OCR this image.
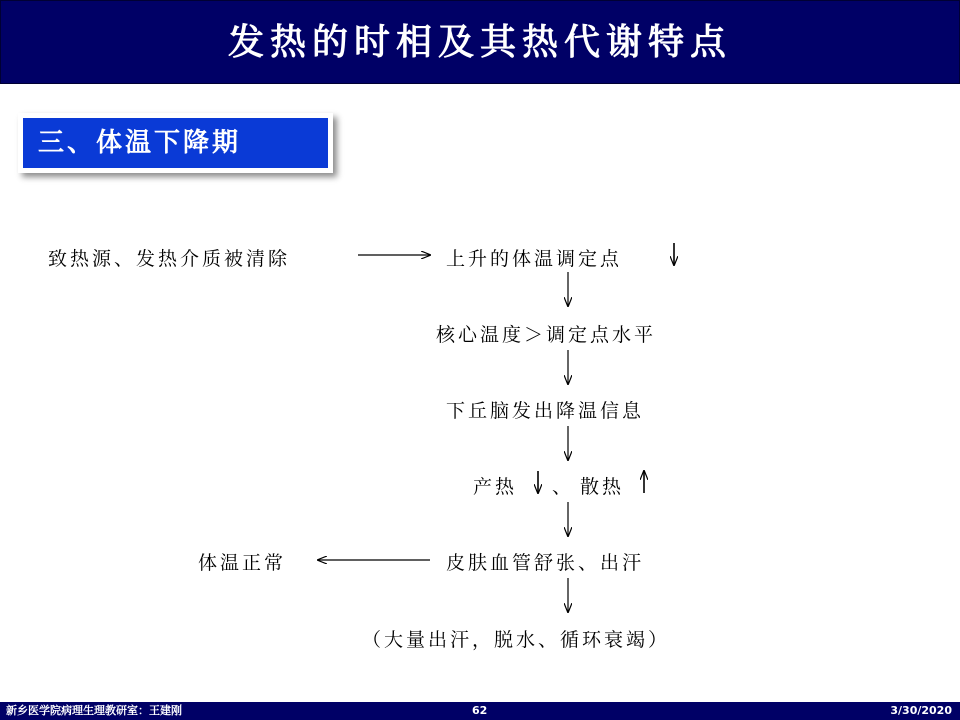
发热的时相及其热代谢特点
三、体温下降期
致热源、发热介质被清除	上升的体温调定点
核心温度＞调定点水平
下丘脑发出降温信息
产热 、 散热
皮肤血管舒张、出汗
体温正常
（大量出汗，脱水、循环衰竭）
新乡医学院病理生理教研室：王建刚	62	3/30/2020
